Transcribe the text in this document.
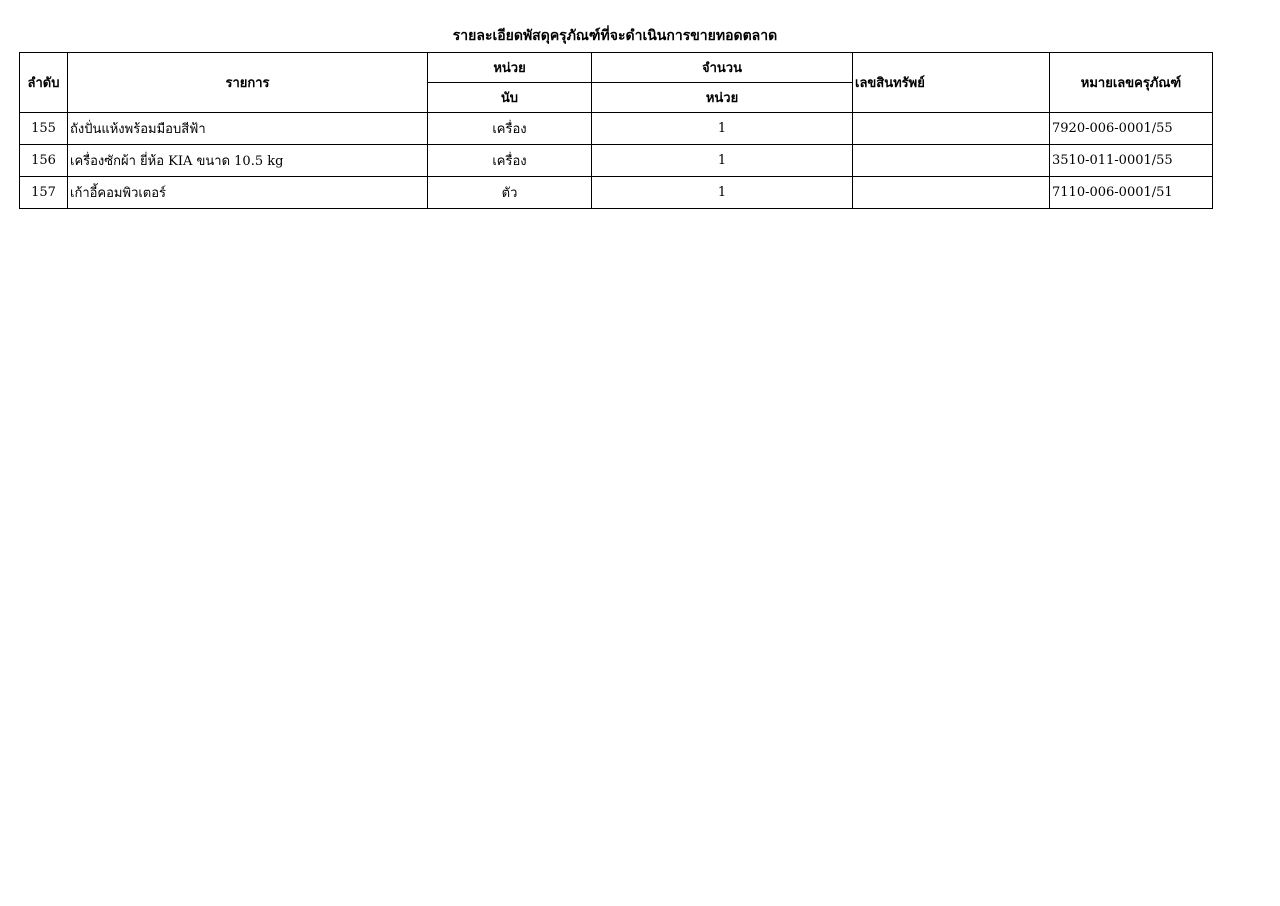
รายละเอียดพัสดุครุภัณฑ์ที่จะดำเนินการขายทอดตลาด
ลำดับ	รายการ	หน่วย	จำนวน	เลขสินทรัพย์	หมายเลขครุภัณฑ์
		นับ	หน่วย		
155	ถังปั่นแห้งพร้อมมือบสีฟ้า	เครื่อง	1		7920-006-0001/55
156	เครื่องซักผ้า ยี่ห้อ KIA ขนาด 10.5 kg	เครื่อง	1		3510-011-0001/55
157	เก้าอี้คอมพิวเตอร์	ตัว	1		7110-006-0001/51
